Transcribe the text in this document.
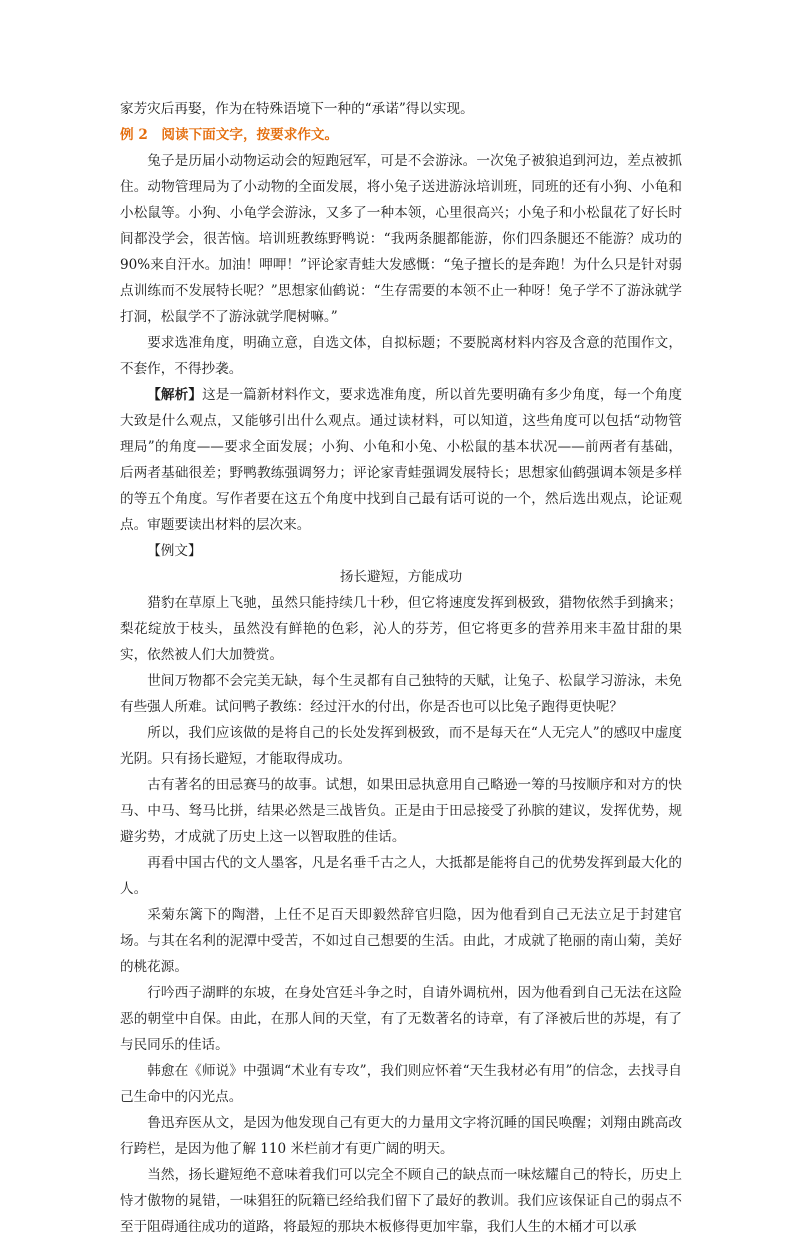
家芳灾后再娶，作为在特殊语境下一种的“承诺”得以实现。

例 2　阅读下面文字，按要求作文。

兔子是历届小动物运动会的短跑冠军，可是不会游泳。一次兔子被狼追到河边，差点被抓住。动物管理局为了小动物的全面发展，将小兔子送进游泳培训班，同班的还有小狗、小龟和小松鼠等。小狗、小龟学会游泳，又多了一种本领，心里很高兴；小兔子和小松鼠花了好长时间都没学会，很苦恼。培训班教练野鸭说：“我两条腿都能游，你们四条腿还不能游？成功的90%来自汗水。加油！呷呷！”评论家青蛙大发感慨：“兔子擅长的是奔跑！为什么只是针对弱点训练而不发展特长呢？”思想家仙鹤说：“生存需要的本领不止一种呀！兔子学不了游泳就学打洞，松鼠学不了游泳就学爬树嘛。”

要求选准角度，明确立意，自选文体，自拟标题；不要脱离材料内容及含意的范围作文，不套作，不得抄袭。

【解析】这是一篇新材料作文，要求选准角度，所以首先要明确有多少角度，每一个角度大致是什么观点，又能够引出什么观点。通过读材料，可以知道，这些角度可以包括“动物管理局”的角度——要求全面发展；小狗、小龟和小兔、小松鼠的基本状况——前两者有基础，后两者基础很差；野鸭教练强调努力；评论家青蛙强调发展特长；思想家仙鹤强调本领是多样的等五个角度。写作者要在这五个角度中找到自己最有话可说的一个，然后选出观点，论证观点。审题要读出材料的层次来。

【例文】

扬长避短，方能成功

猎豹在草原上飞驰，虽然只能持续几十秒，但它将速度发挥到极致，猎物依然手到擒来；梨花绽放于枝头，虽然没有鲜艳的色彩，沁人的芬芳，但它将更多的营养用来丰盈甘甜的果实，依然被人们大加赞赏。

世间万物都不会完美无缺，每个生灵都有自己独特的天赋，让兔子、松鼠学习游泳，未免有些强人所难。试问鸭子教练：经过汗水的付出，你是否也可以比兔子跑得更快呢？

所以，我们应该做的是将自己的长处发挥到极致，而不是每天在“人无完人”的感叹中虚度光阴。只有扬长避短，才能取得成功。

古有著名的田忌赛马的故事。试想，如果田忌执意用自己略逊一筹的马按顺序和对方的快马、中马、驽马比拼，结果必然是三战皆负。正是由于田忌接受了孙膑的建议，发挥优势，规避劣势，才成就了历史上这一以智取胜的佳话。

再看中国古代的文人墨客，凡是名垂千古之人，大抵都是能将自己的优势发挥到最大化的人。

采菊东篱下的陶潜，上任不足百天即毅然辞官归隐，因为他看到自己无法立足于封建官场。与其在名利的泥潭中受苦，不如过自己想要的生活。由此，才成就了艳丽的南山菊，美好的桃花源。

行吟西子湖畔的东坡，在身处宫廷斗争之时，自请外调杭州，因为他看到自己无法在这险恶的朝堂中自保。由此，在那人间的天堂，有了无数著名的诗章，有了泽被后世的苏堤，有了与民同乐的佳话。

韩愈在《师说》中强调“术业有专攻”，我们则应怀着“天生我材必有用”的信念，去找寻自己生命中的闪光点。

鲁迅弃医从文，是因为他发现自己有更大的力量用文字将沉睡的国民唤醒；刘翔由跳高改行跨栏，是因为他了解 110 米栏前才有更广阔的明天。

当然，扬长避短绝不意味着我们可以完全不顾自己的缺点而一味炫耀自己的特长，历史上恃才傲物的晁错，一味猖狂的阮籍已经给我们留下了最好的教训。我们应该保证自己的弱点不至于阻碍通往成功的道路，将最短的那块木板修得更加牢靠，我们人生的木桶才可以承
